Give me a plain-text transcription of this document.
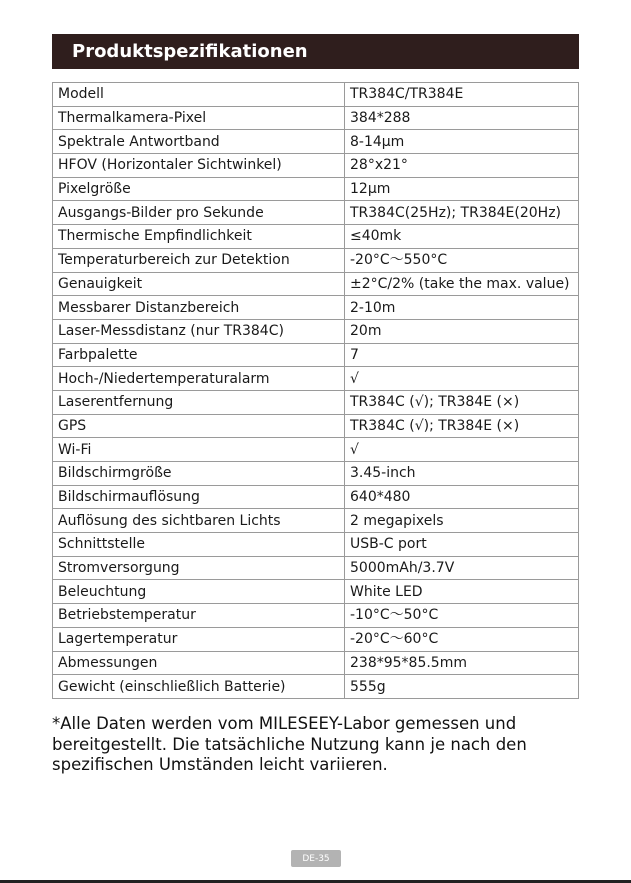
Produktspezifikationen
Modell	TR384C/TR384E
Thermalkamera-Pixel	384*288
Spektrale Antwortband	8-14μm
HFOV (Horizontaler Sichtwinkel)	28°x21°
Pixelgröße	12μm
Ausgangs-Bilder pro Sekunde	TR384C(25Hz); TR384E(20Hz)
Thermische Empfindlichkeit	≤40mk
Temperaturbereich zur Detektion	-20°C～550°C
Genauigkeit	±2°C/2% (take the max. value)
Messbarer Distanzbereich	2-10m
Laser-Messdistanz (nur TR384C)	20m
Farbpalette	7
Hoch-/Niedertemperaturalarm	√
Laserentfernung	TR384C (√); TR384E (×)
GPS	TR384C (√); TR384E (×)
Wi-Fi	√
Bildschirmgröße	3.45-inch
Bildschirmauflösung	640*480
Auflösung des sichtbaren Lichts	2 megapixels
Schnittstelle	USB-C port
Stromversorgung	5000mAh/3.7V
Beleuchtung	White LED
Betriebstemperatur	-10°C～50°C
Lagertemperatur	-20°C～60°C
Abmessungen	238*95*85.5mm
Gewicht (einschließlich Batterie)	555g

*Alle Daten werden vom MILESEEY-Labor gemessen und bereitgestellt. Die tatsächliche Nutzung kann je nach den spezifischen Umständen leicht variieren.

DE-35
